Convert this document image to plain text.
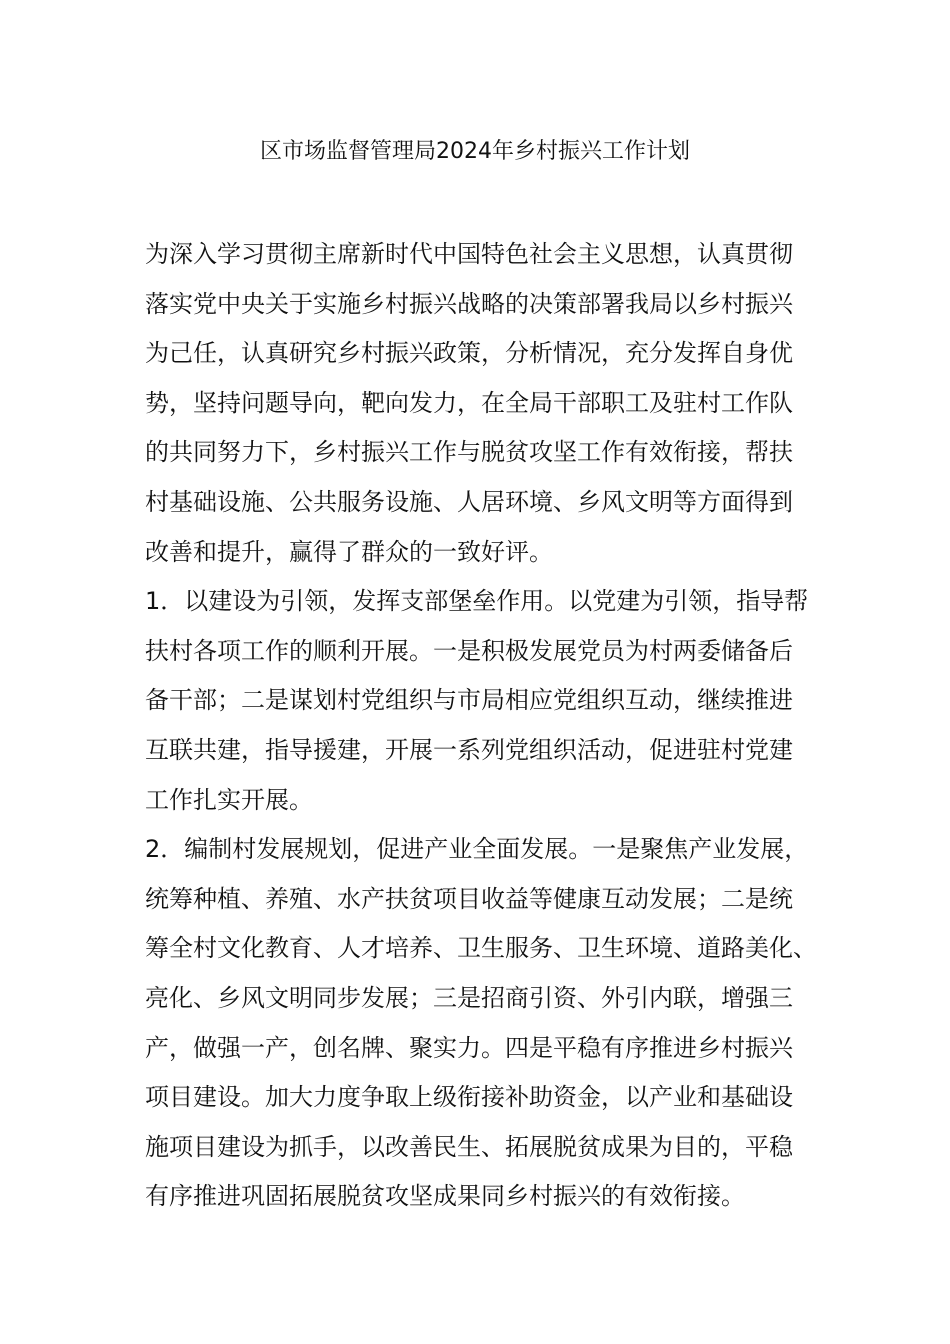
区市场监督管理局2024年乡村振兴工作计划
为深入学习贯彻主席新时代中国特色社会主义思想，认真贯彻
落实党中央关于实施乡村振兴战略的决策部署我局以乡村振兴
为己任，认真研究乡村振兴政策，分析情况，充分发挥自身优
势，坚持问题导向，靶向发力，在全局干部职工及驻村工作队
的共同努力下，乡村振兴工作与脱贫攻坚工作有效衔接，帮扶
村基础设施、公共服务设施、人居环境、乡风文明等方面得到
改善和提升，赢得了群众的一致好评。
1．以建设为引领，发挥支部堡垒作用。以党建为引领，指导帮
扶村各项工作的顺利开展。一是积极发展党员为村两委储备后
备干部；二是谋划村党组织与市局相应党组织互动，继续推进
互联共建，指导援建，开展一系列党组织活动，促进驻村党建
工作扎实开展。
2．编制村发展规划，促进产业全面发展。一是聚焦产业发展，
统筹种植、养殖、水产扶贫项目收益等健康互动发展；二是统
筹全村文化教育、人才培养、卫生服务、卫生环境、道路美化、
亮化、乡风文明同步发展；三是招商引资、外引内联，增强三
产，做强一产，创名牌、聚实力。四是平稳有序推进乡村振兴
项目建设。加大力度争取上级衔接补助资金，以产业和基础设
施项目建设为抓手，以改善民生、拓展脱贫成果为目的，平稳
有序推进巩固拓展脱贫攻坚成果同乡村振兴的有效衔接。
